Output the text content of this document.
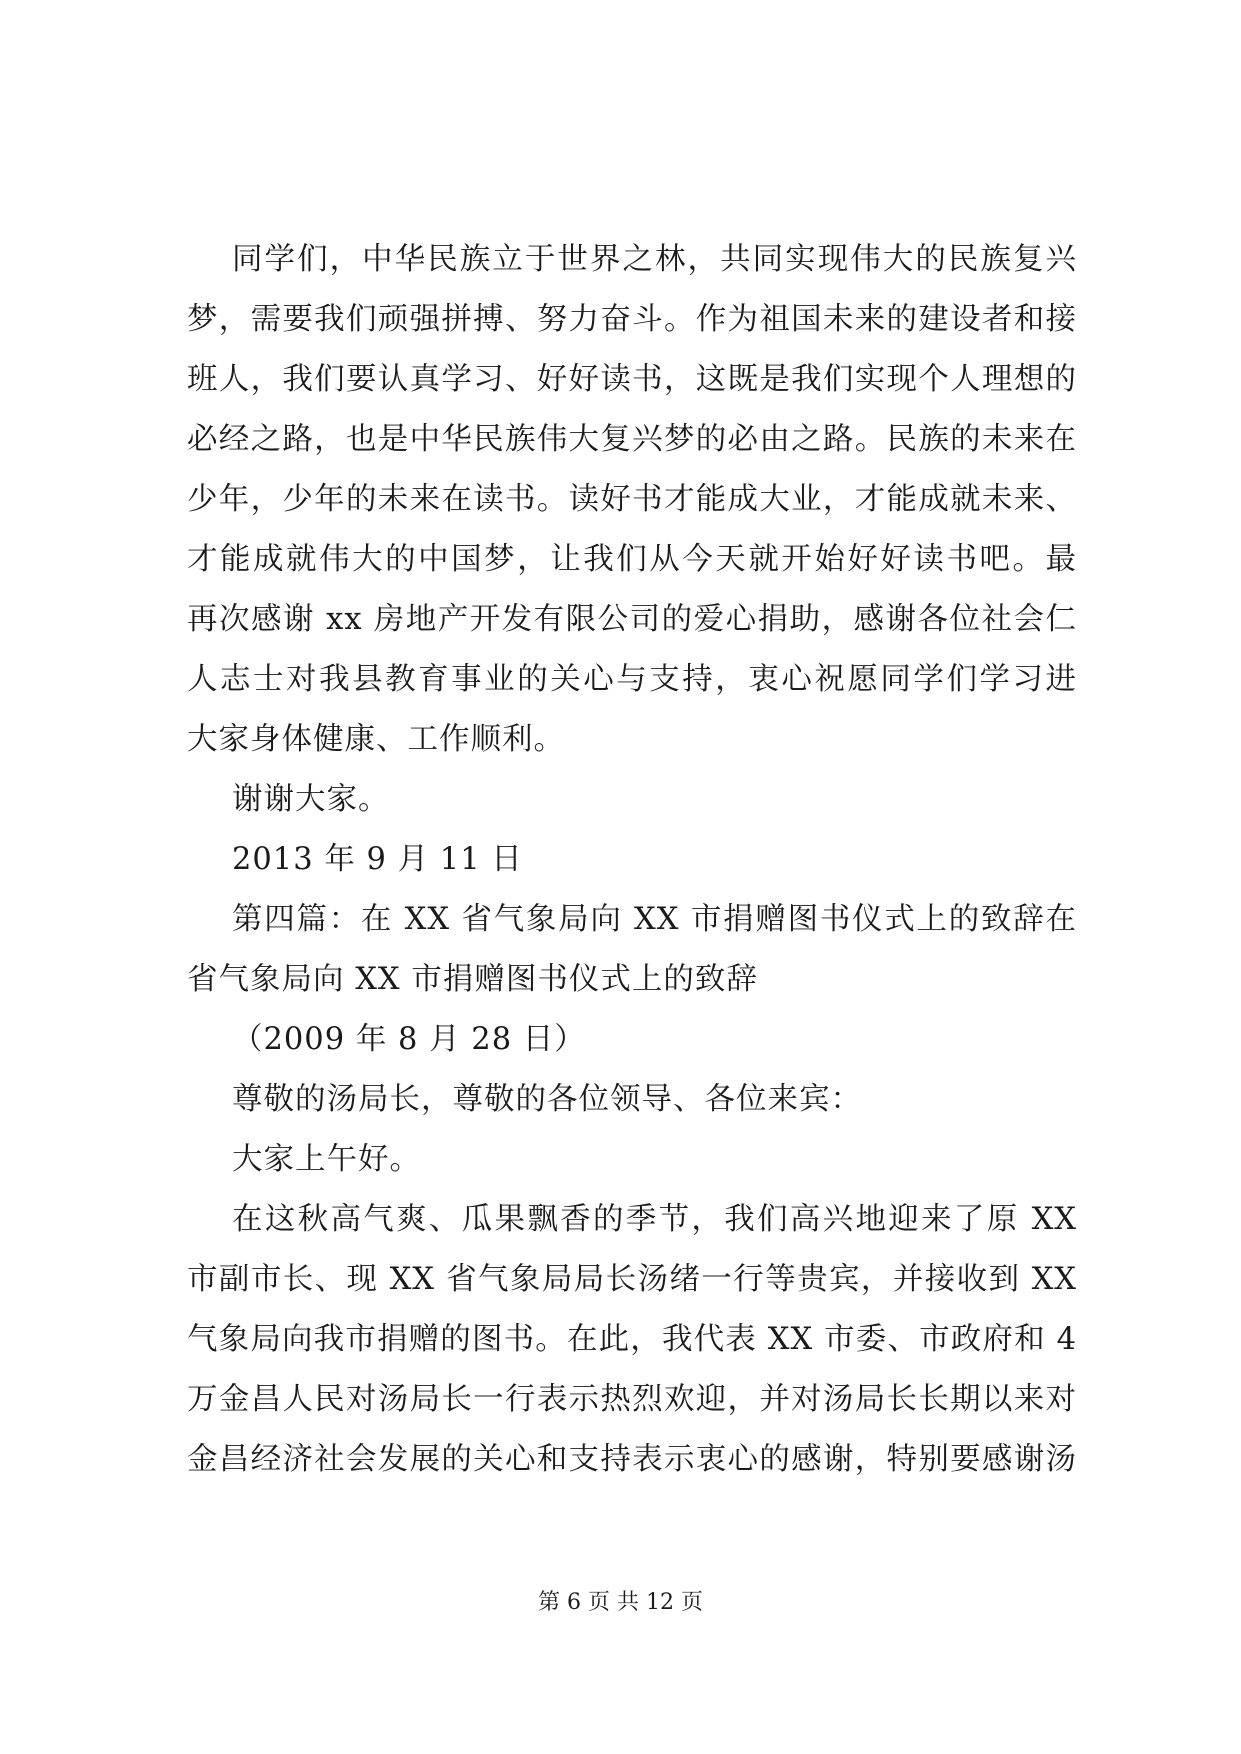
同学们，中华民族立于世界之林，共同实现伟大的民族复兴
梦，需要我们顽强拼搏、努力奋斗。作为祖国未来的建设者和接
班人，我们要认真学习、好好读书，这既是我们实现个人理想的
必经之路，也是中华民族伟大复兴梦的必由之路。民族的未来在
少年，少年的未来在读书。读好书才能成大业，才能成就未来、
才能成就伟大的中国梦，让我们从今天就开始好好读书吧。最
再次感谢 xx 房地产开发有限公司的爱心捐助，感谢各位社会仁
人志士对我县教育事业的关心与支持，衷心祝愿同学们学习进
大家身体健康、工作顺利。
谢谢大家。
2013 年 9 月 11 日
第四篇：在 XX 省气象局向 XX 市捐赠图书仪式上的致辞在
省气象局向 XX 市捐赠图书仪式上的致辞
（2009 年 8 月 28 日）
尊敬的汤局长，尊敬的各位领导、各位来宾：
大家上午好。
在这秋高气爽、瓜果飘香的季节，我们高兴地迎来了原 XX
市副市长、现 XX 省气象局局长汤绪一行等贵宾，并接收到 XX
气象局向我市捐赠的图书。在此，我代表 XX 市委、市政府和 4
万金昌人民对汤局长一行表示热烈欢迎，并对汤局长长期以来对
金昌经济社会发展的关心和支持表示衷心的感谢，特别要感谢汤
第 6 页 共 12 页
